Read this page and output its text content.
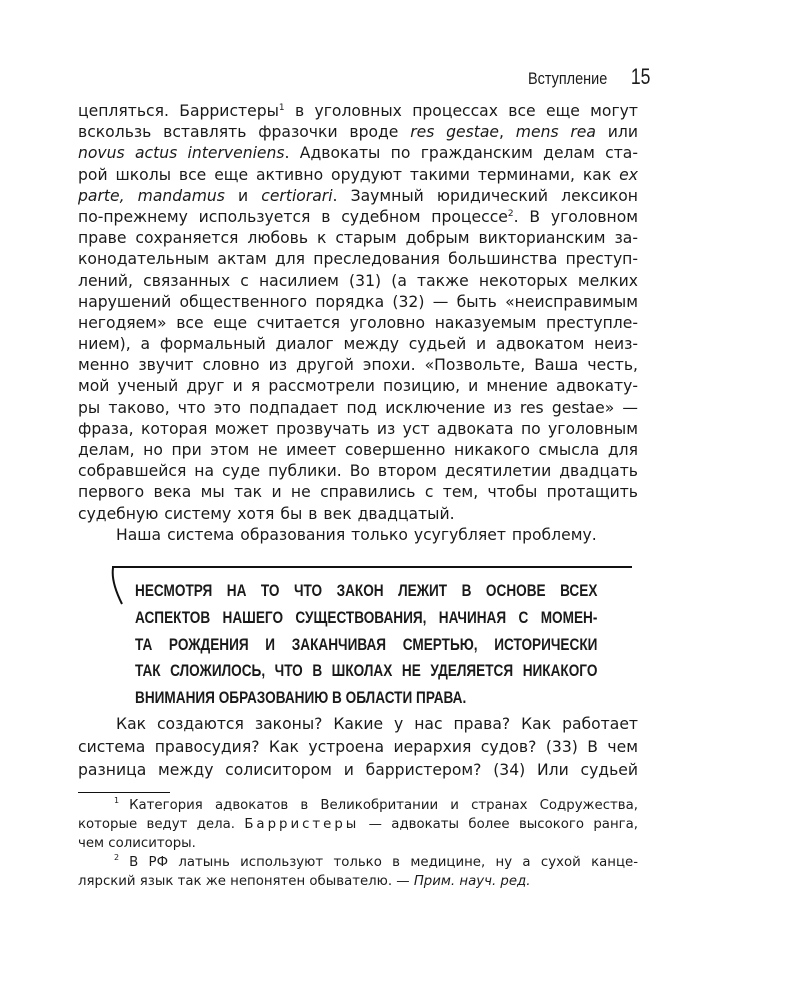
Вступление 15
цепляться. Барристеры$^1$ в уголовных процессах все еще могут
вскользь вставлять фразочки вроде res gestae, mens rea или
novus actus interveniens. Адвокаты по гражданским делам ста-
рой школы все еще активно орудуют такими терминами, как ex
parte, mandamus и certiorari. Заумный юридический лексикон
по-прежнему используется в судебном процессе$^2$. В уголовном
праве сохраняется любовь к старым добрым викторианским за-
конодательным актам для преследования большинства преступ-
лений, связанных с насилием (31) (а также некоторых мелких
нарушений общественного порядка (32) — быть «неисправимым
негодяем» все еще считается уголовно наказуемым преступле-
нием), а формальный диалог между судьей и адвокатом неиз-
менно звучит словно из другой эпохи. «Позвольте, Ваша честь,
мой ученый друг и я рассмотрели позицию, и мнение адвокату-
ры таково, что это подпадает под исключение из res gestae» —
фраза, которая может прозвучать из уст адвоката по уголовным
делам, но при этом не имеет совершенно никакого смысла для
собравшейся на суде публики. Во втором десятилетии двадцать
первого века мы так и не справились с тем, чтобы протащить
судебную систему хотя бы в век двадцатый.
Наша система образования только усугубляет проблему.
НЕСМОТРЯ НА ТО ЧТО ЗАКОН ЛЕЖИТ В ОСНОВЕ ВСЕХ
АСПЕКТОВ НАШЕГО СУЩЕСТВОВАНИЯ, НАЧИНАЯ С МОМЕН-
ТА РОЖДЕНИЯ И ЗАКАНЧИВАЯ СМЕРТЬЮ, ИСТОРИЧЕСКИ
ТАК СЛОЖИЛОСЬ, ЧТО В ШКОЛАХ НЕ УДЕЛЯЕТСЯ НИКАКОГО
ВНИМАНИЯ ОБРАЗОВАНИЮ В ОБЛАСТИ ПРАВА.
Как создаются законы? Какие у нас права? Как работает
система правосудия? Как устроена иерархия судов? (33) В чем
разница между солиситором и барристером? (34) Или судьей
$^1$ Категория адвокатов в Великобритании и странах Содружества,
которые ведут дела. Барристеры — адвокаты более высокого ранга,
чем солиситоры.
$^2$ В РФ латынь используют только в медицине, ну а сухой канце-
лярский язык так же непонятен обывателю. — Прим. науч. ред.
